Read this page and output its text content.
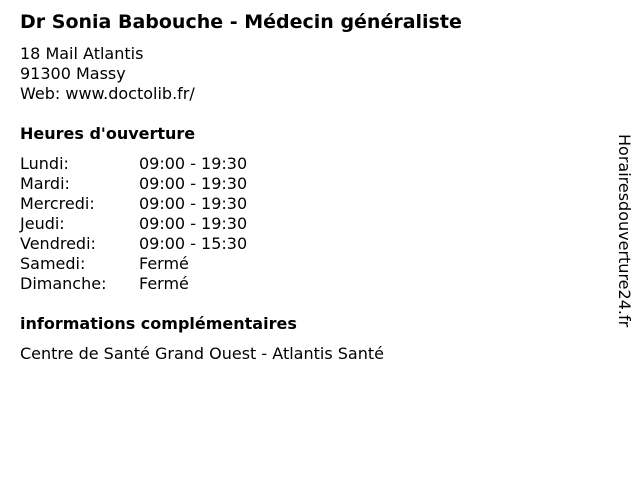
Dr Sonia Babouche - Médecin généraliste
18 Mail Atlantis
91300 Massy
Web: www.doctolib.fr/
Heures d'ouverture
Lundi:	09:00 - 19:30
Mardi:	09:00 - 19:30
Mercredi:	09:00 - 19:30
Jeudi:	09:00 - 19:30
Vendredi:	09:00 - 15:30
Samedi:	Fermé
Dimanche:	Fermé
informations complémentaires
Centre de Santé Grand Ouest - Atlantis Santé
Horairesdouverture24.fr
